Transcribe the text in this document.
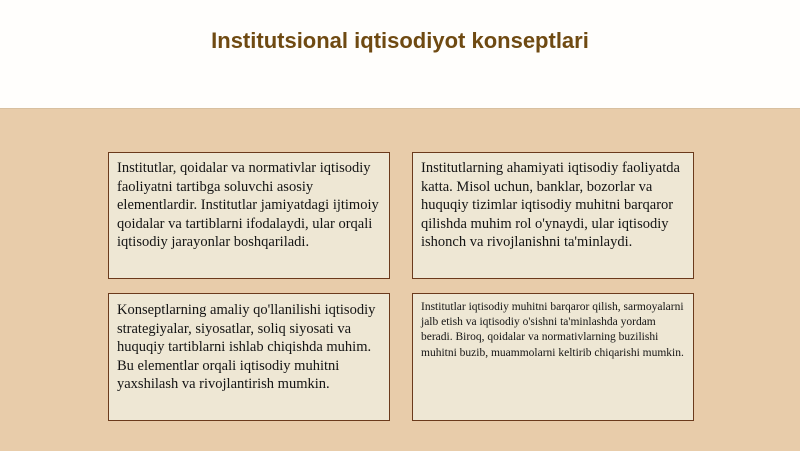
Institutsional iqtisodiyot konseptlari

Institutlar, qoidalar va normativlar iqtisodiy faoliyatni tartibga soluvchi asosiy elementlardir. Institutlar jamiyatdagi ijtimoiy qoidalar va tartiblarni ifodalaydi, ular orqali iqtisodiy jarayonlar boshqariladi.

Institutlarning ahamiyati iqtisodiy faoliyatda katta. Misol uchun, banklar, bozorlar va huquqiy tizimlar iqtisodiy muhitni barqaror qilishda muhim rol o'ynaydi, ular iqtisodiy ishonch va rivojlanishni ta'minlaydi.

Konseptlarning amaliy qo'llanilishi iqtisodiy strategiyalar, siyosatlar, soliq siyosati va huquqiy tartiblarni ishlab chiqishda muhim. Bu elementlar orqali iqtisodiy muhitni yaxshilash va rivojlantirish mumkin.

Institutlar iqtisodiy muhitni barqaror qilish, sarmoyalarni jalb etish va iqtisodiy o'sishni ta'minlashda yordam beradi. Biroq, qoidalar va normativlarning buzilishi muhitni buzib, muammolarni keltirib chiqarishi mumkin.
